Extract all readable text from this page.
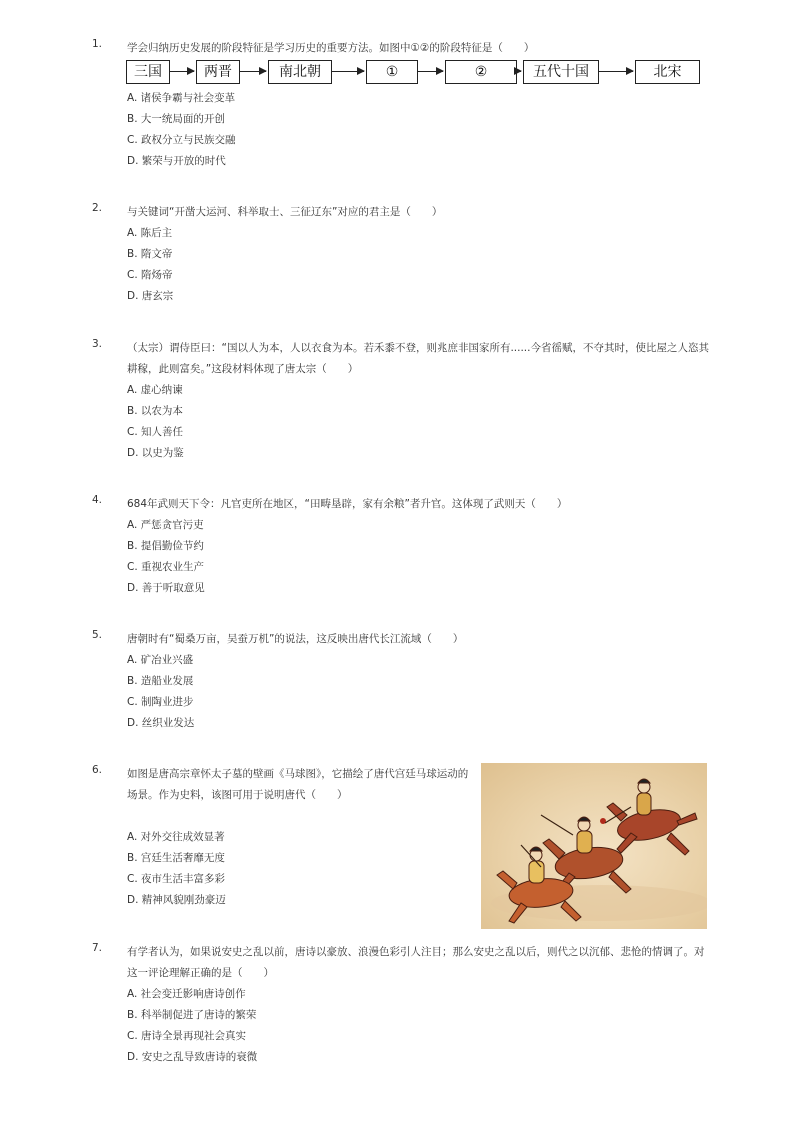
1.	学会归纳历史发展的阶段特征是学习历史的重要方法。如图中①②的阶段特征是（　　）
A. 诸侯争霸与社会变革
B. 大一统局面的开创
C. 政权分立与民族交融
D. 繁荣与开放的时代
三国	两晋	南北朝	①	②	五代十国	北宋
2.	与关键词“开凿大运河、科举取士、三征辽东”对应的君主是（　　）
A. 陈后主
B. 隋文帝
C. 隋炀帝
D. 唐玄宗
3.	（太宗）谓侍臣曰：“国以人为本，人以衣食为本。若禾黍不登，则兆庶非国家所有......今省徭赋，不夺其时，使比屋之人恣其耕稼，此则富矣。”这段材料体现了唐太宗（　　）
A. 虚心纳谏
B. 以农为本
C. 知人善任
D. 以史为鉴
4.	684年武则天下令：凡官吏所在地区，“田畴垦辟，家有余粮”者升官。这体现了武则天（　　）
A. 严惩贪官污吏
B. 提倡勤俭节约
C. 重视农业生产
D. 善于听取意见
5.	唐朝时有“蜀桑万亩，吴蚕万机”的说法，这反映出唐代长江流域（　　）
A. 矿冶业兴盛
B. 造船业发展
C. 制陶业进步
D. 丝织业发达
6.	如图是唐高宗章怀太子墓的壁画《马球图》，它描绘了唐代宫廷马球运动的场景。作为史料，该图可用于说明唐代（　　）
A. 对外交往成效显著
B. 宫廷生活奢靡无度
C. 夜市生活丰富多彩
D. 精神风貌刚劲豪迈
7.	有学者认为，如果说安史之乱以前，唐诗以豪放、浪漫色彩引人注目；那么安史之乱以后，则代之以沉郁、悲怆的情调了。对这一评论理解正确的是（　　）
A. 社会变迁影响唐诗创作
B. 科举制促进了唐诗的繁荣
C. 唐诗全景再现社会真实
D. 安史之乱导致唐诗的衰微
